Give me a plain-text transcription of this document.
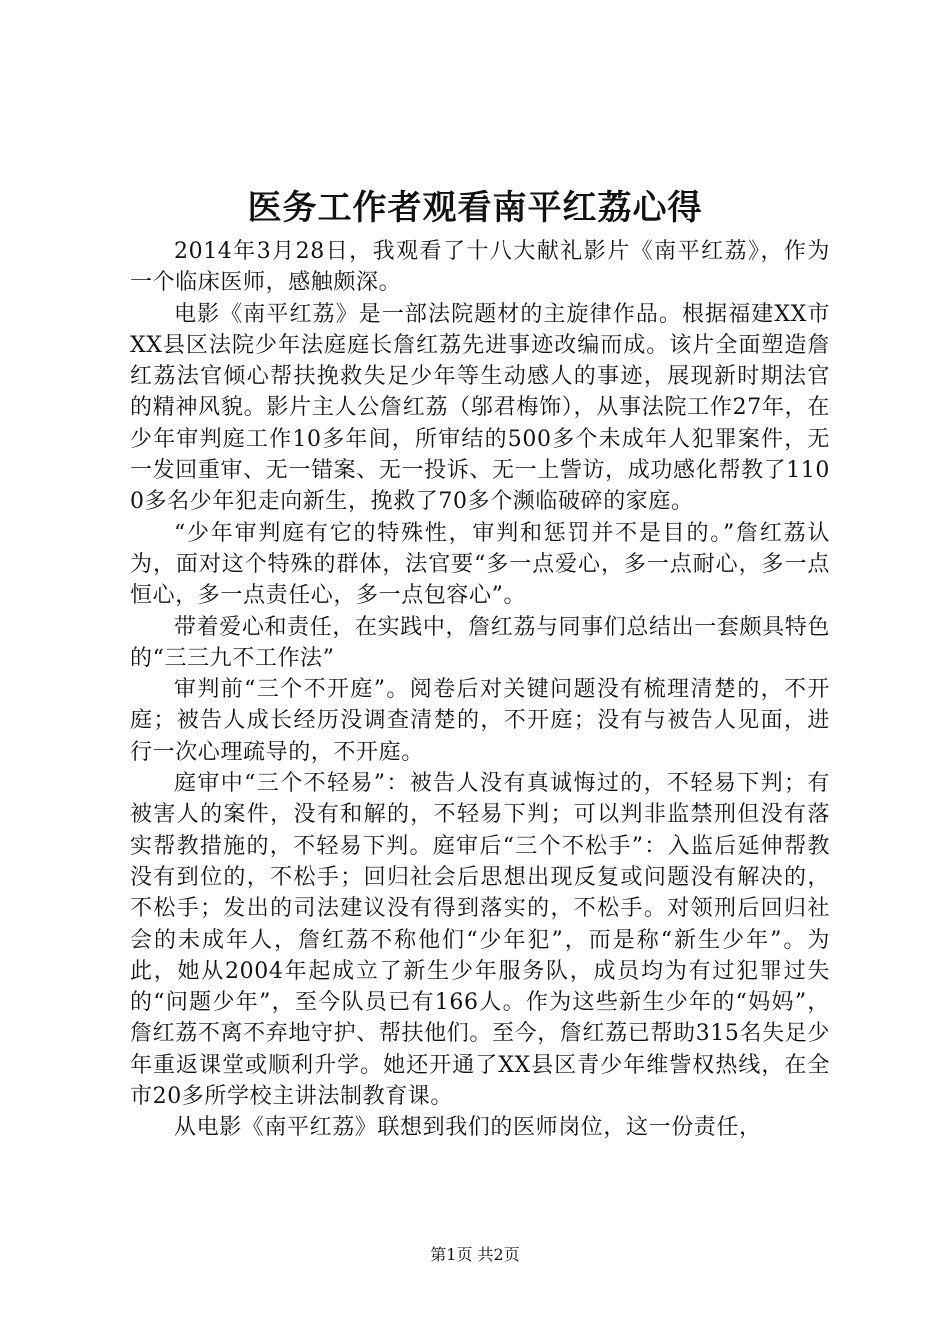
医务工作者观看南平红荔心得

2014年3月28日，我观看了十八大献礼影片《南平红荔》，作为一个临床医师，感触颇深。

电影《南平红荔》是一部法院题材的主旋律作品。根据福建XX市XX县区法院少年法庭庭长詹红荔先进事迹改编而成。该片全面塑造詹红荔法官倾心帮扶挽救失足少年等生动感人的事迹，展现新时期法官的精神风貌。影片主人公詹红荔（邬君梅饰），从事法院工作27年，在少年审判庭工作10多年间，所审结的500多个未成年人犯罪案件，无一发回重审、无一错案、无一投诉、无一上訾访，成功感化帮教了1100多名少年犯走向新生，挽救了70多个濒临破碎的家庭。

“少年审判庭有它的特殊性，审判和惩罚并不是目的。”詹红荔认为，面对这个特殊的群体，法官要“多一点爱心，多一点耐心，多一点恒心，多一点责任心，多一点包容心”。

带着爱心和责任，在实践中，詹红荔与同事们总结出一套颇具特色的“三三九不工作法”

审判前“三个不开庭”。阅卷后对关键问题没有梳理清楚的，不开庭；被告人成长经历没调查清楚的，不开庭；没有与被告人见面，进行一次心理疏导的，不开庭。

庭审中“三个不轻易”：被告人没有真诚悔过的，不轻易下判；有被害人的案件，没有和解的，不轻易下判；可以判非监禁刑但没有落实帮教措施的，不轻易下判。庭审后“三个不松手”：入监后延伸帮教没有到位的，不松手；回归社会后思想出现反复或问题没有解决的，不松手；发出的司法建议没有得到落实的，不松手。对领刑后回归社会的未成年人，詹红荔不称他们“少年犯”，而是称“新生少年”。为此，她从2004年起成立了新生少年服务队，成员均为有过犯罪过失的“问题少年”，至今队员已有166人。作为这些新生少年的“妈妈”，詹红荔不离不弃地守护、帮扶他们。至今，詹红荔已帮助315名失足少年重返课堂或顺利升学。她还开通了XX县区青少年维訾权热线，在全市20多所学校主讲法制教育课。

从电影《南平红荔》联想到我们的医师岗位，这一份责任，

第1页 共2页
